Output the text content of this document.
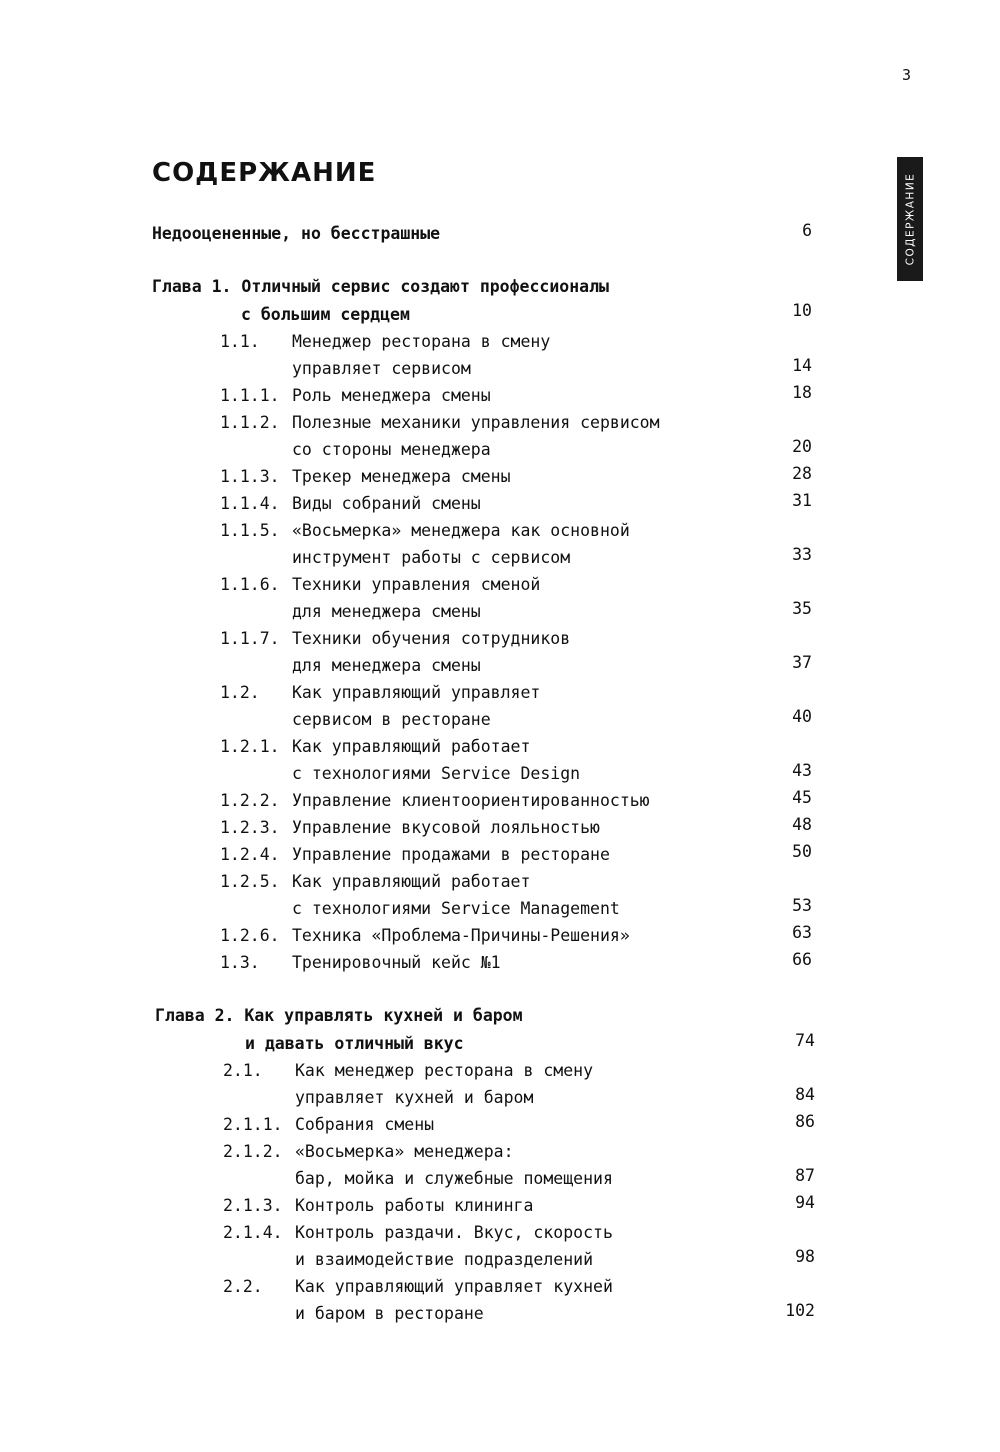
3
СОДЕРЖАНИЕ
СОДЕРЖАНИЕ
Недооцененные, но бесстрашные	6
Глава 1. Отличный сервис создают профессионалы
с большим сердцем	10
1.1. Менеджер ресторана в смену
управляет сервисом	14
1.1.1. Роль менеджера смены	18
1.1.2. Полезные механики управления сервисом
со стороны менеджера	20
1.1.3. Трекер менеджера смены	28
1.1.4. Виды собраний смены	31
1.1.5. «Восьмерка» менеджера как основной
инструмент работы с сервисом	33
1.1.6. Техники управления сменой
для менеджера смены	35
1.1.7. Техники обучения сотрудников
для менеджера смены	37
1.2. Как управляющий управляет
сервисом в ресторане	40
1.2.1. Как управляющий работает
с технологиями Service Design	43
1.2.2. Управление клиентоориентированностью	45
1.2.3. Управление вкусовой лояльностью	48
1.2.4. Управление продажами в ресторане	50
1.2.5. Как управляющий работает
с технологиями Service Management	53
1.2.6. Техника «Проблема-Причины-Решения»	63
1.3. Тренировочный кейс №1	66
Глава 2. Как управлять кухней и баром
и давать отличный вкус	74
2.1. Как менеджер ресторана в смену
управляет кухней и баром	84
2.1.1. Собрания смены	86
2.1.2. «Восьмерка» менеджера:
бар, мойка и служебные помещения	87
2.1.3. Контроль работы клининга	94
2.1.4. Контроль раздачи. Вкус, скорость
и взаимодействие подразделений	98
2.2. Как управляющий управляет кухней
и баром в ресторане	102
